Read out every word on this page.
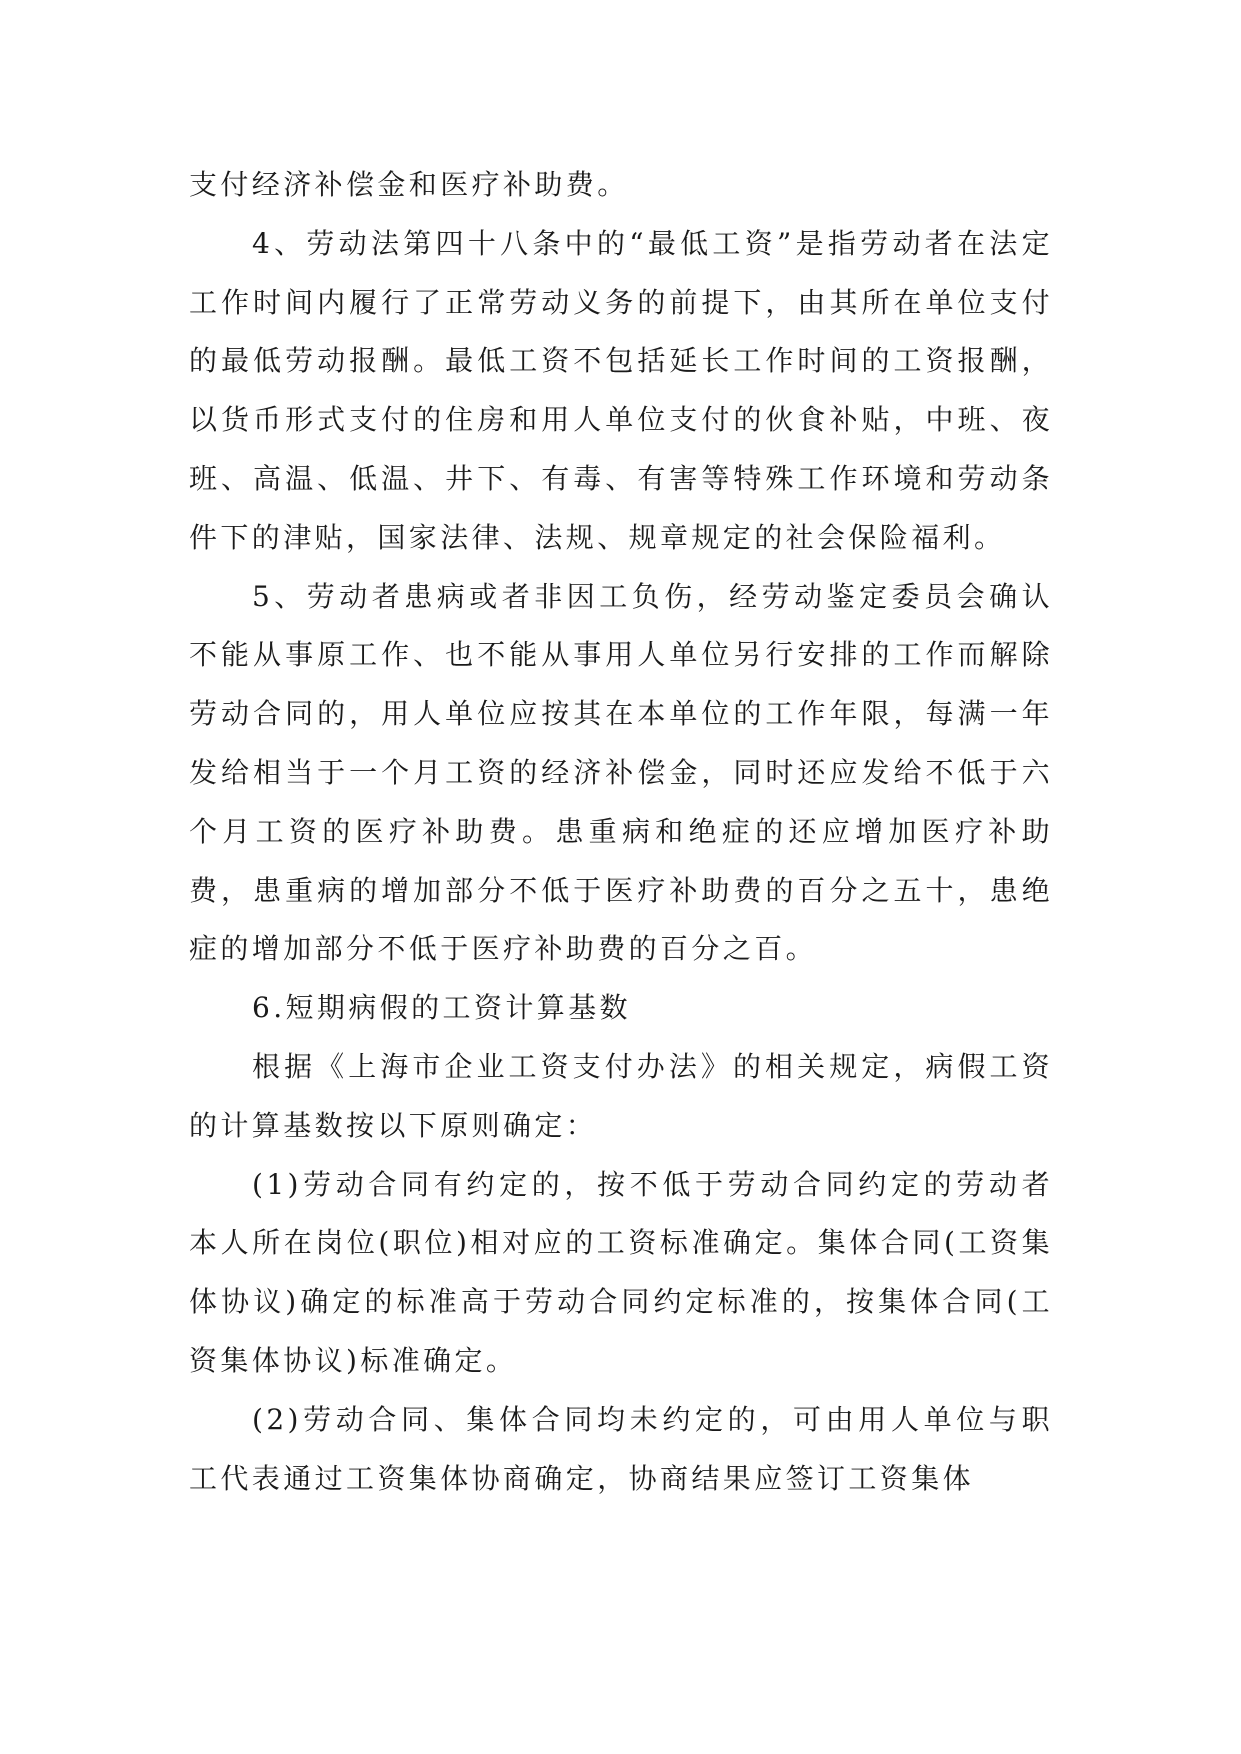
支付经济补偿金和医疗补助费。

4、劳动法第四十八条中的“最低工资”是指劳动者在法定工作时间内履行了正常劳动义务的前提下，由其所在单位支付的最低劳动报酬。最低工资不包括延长工作时间的工资报酬，以货币形式支付的住房和用人单位支付的伙食补贴，中班、夜班、高温、低温、井下、有毒、有害等特殊工作环境和劳动条件下的津贴，国家法律、法规、规章规定的社会保险福利。

5、劳动者患病或者非因工负伤，经劳动鉴定委员会确认不能从事原工作、也不能从事用人单位另行安排的工作而解除劳动合同的，用人单位应按其在本单位的工作年限，每满一年发给相当于一个月工资的经济补偿金，同时还应发给不低于六个月工资的医疗补助费。患重病和绝症的还应增加医疗补助费，患重病的增加部分不低于医疗补助费的百分之五十，患绝症的增加部分不低于医疗补助费的百分之百。

6.短期病假的工资计算基数

根据《上海市企业工资支付办法》的相关规定，病假工资的计算基数按以下原则确定：

(1)劳动合同有约定的，按不低于劳动合同约定的劳动者本人所在岗位(职位)相对应的工资标准确定。集体合同(工资集体协议)确定的标准高于劳动合同约定标准的，按集体合同(工资集体协议)标准确定。

(2)劳动合同、集体合同均未约定的，可由用人单位与职工代表通过工资集体协商确定，协商结果应签订工资集体
